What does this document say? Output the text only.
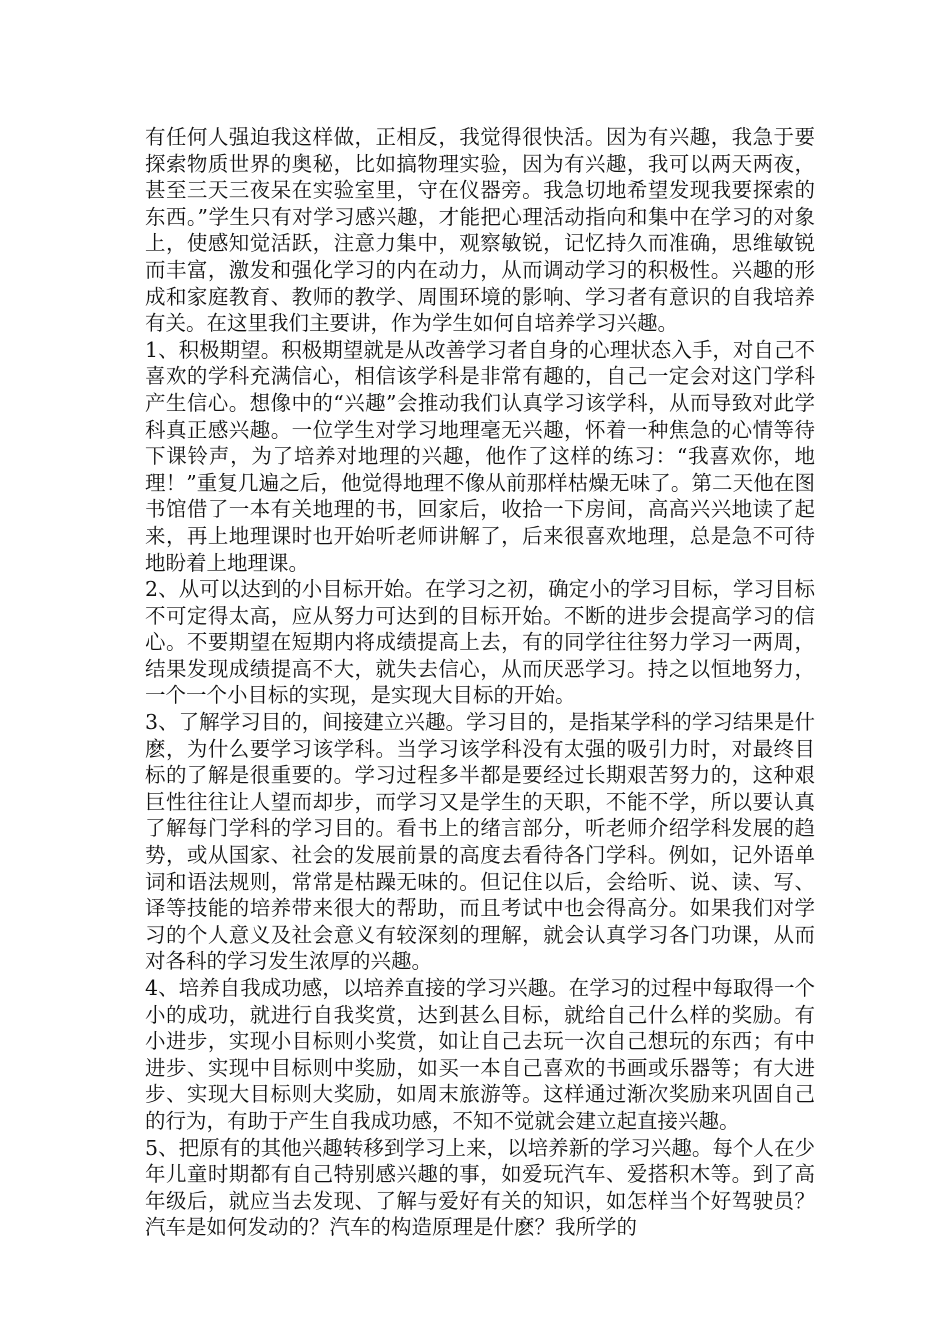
有任何人强迫我这样做，正相反，我觉得很快活。因为有兴趣，我急于要探索物质世界的奥秘，比如搞物理实验，因为有兴趣，我可以两天两夜，甚至三天三夜呆在实验室里，守在仪器旁。我急切地希望发现我要探索的东西。”学生只有对学习感兴趣，才能把心理活动指向和集中在学习的对象上，使感知觉活跃，注意力集中，观察敏锐，记忆持久而准确，思维敏锐而丰富，激发和强化学习的内在动力，从而调动学习的积极性。兴趣的形成和家庭教育、教师的教学、周围环境的影响、学习者有意识的自我培养有关。在这里我们主要讲，作为学生如何自培养学习兴趣。

1、积极期望。积极期望就是从改善学习者自身的心理状态入手，对自己不喜欢的学科充满信心，相信该学科是非常有趣的，自己一定会对这门学科产生信心。想像中的“兴趣”会推动我们认真学习该学科，从而导致对此学科真正感兴趣。一位学生对学习地理毫无兴趣，怀着一种焦急的心情等待下课铃声，为了培养对地理的兴趣，他作了这样的练习：“我喜欢你，地理！”重复几遍之后，他觉得地理不像从前那样枯燥无味了。第二天他在图书馆借了一本有关地理的书，回家后，收拾一下房间，高高兴兴地读了起来，再上地理课时也开始听老师讲解了，后来很喜欢地理，总是急不可待地盼着上地理课。

2、从可以达到的小目标开始。在学习之初，确定小的学习目标，学习目标不可定得太高，应从努力可达到的目标开始。不断的进步会提高学习的信心。不要期望在短期内将成绩提高上去，有的同学往往努力学习一两周，结果发现成绩提高不大，就失去信心，从而厌恶学习。持之以恒地努力，一个一个小目标的实现，是实现大目标的开始。

3、了解学习目的，间接建立兴趣。学习目的，是指某学科的学习结果是什麽，为什么要学习该学科。当学习该学科没有太强的吸引力时，对最终目标的了解是很重要的。学习过程多半都是要经过长期艰苦努力的，这种艰巨性往往让人望而却步，而学习又是学生的天职，不能不学，所以要认真了解每门学科的学习目的。看书上的绪言部分，听老师介绍学科发展的趋势，或从国家、社会的发展前景的高度去看待各门学科。例如，记外语单词和语法规则，常常是枯躁无味的。但记住以后，会给听、说、读、写、译等技能的培养带来很大的帮助，而且考试中也会得高分。如果我们对学习的个人意义及社会意义有较深刻的理解，就会认真学习各门功课，从而对各科的学习发生浓厚的兴趣。

4、培养自我成功感，以培养直接的学习兴趣。在学习的过程中每取得一个小的成功，就进行自我奖赏，达到甚么目标，就给自己什么样的奖励。有小进步，实现小目标则小奖赏，如让自己去玩一次自己想玩的东西；有中进步、实现中目标则中奖励，如买一本自己喜欢的书画或乐器等；有大进步、实现大目标则大奖励，如周末旅游等。这样通过渐次奖励来巩固自己的行为，有助于产生自我成功感，不知不觉就会建立起直接兴趣。

5、把原有的其他兴趣转移到学习上来，以培养新的学习兴趣。每个人在少年儿童时期都有自己特别感兴趣的事，如爱玩汽车、爱搭积木等。到了高年级后，就应当去发现、了解与爱好有关的知识，如怎样当个好驾驶员？汽车是如何发动的？汽车的构造原理是什麽？我所学的
